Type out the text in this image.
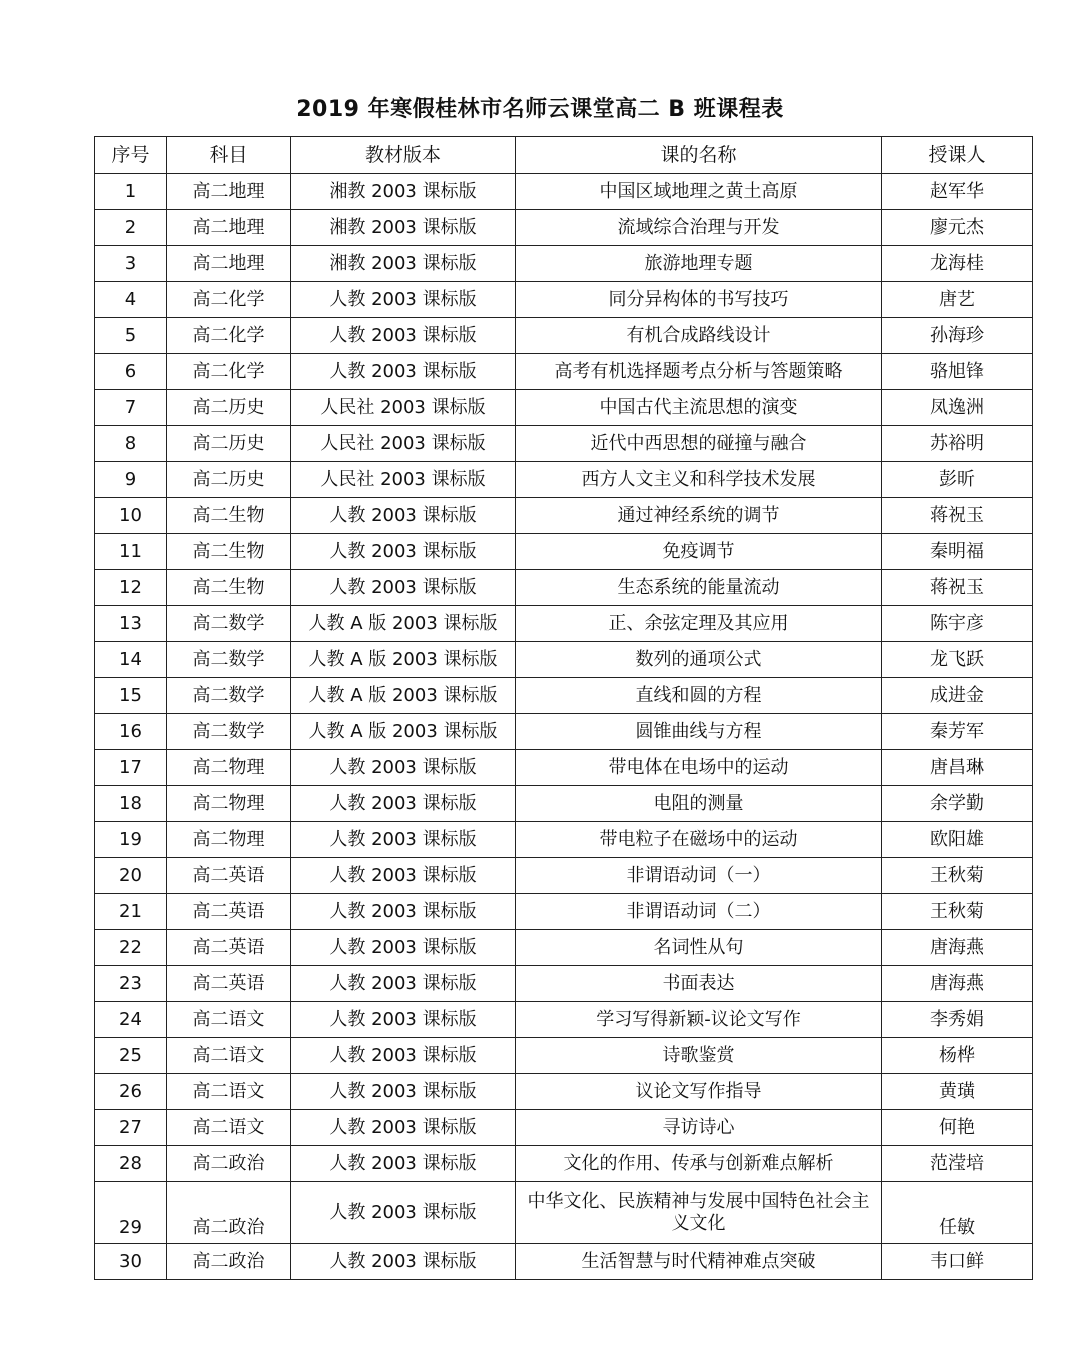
2019 年寒假桂林市名师云课堂高二 B 班课程表
序号	科目	教材版本	课的名称	授课人
1	高二地理	湘教 2003 课标版	中国区域地理之黄土高原	赵军华
2	高二地理	湘教 2003 课标版	流域综合治理与开发	廖元杰
3	高二地理	湘教 2003 课标版	旅游地理专题	龙海桂
4	高二化学	人教 2003 课标版	同分异构体的书写技巧	唐艺
5	高二化学	人教 2003 课标版	有机合成路线设计	孙海珍
6	高二化学	人教 2003 课标版	高考有机选择题考点分析与答题策略	骆旭锋
7	高二历史	人民社 2003 课标版	中国古代主流思想的演变	凤逸洲
8	高二历史	人民社 2003 课标版	近代中西思想的碰撞与融合	苏裕明
9	高二历史	人民社 2003 课标版	西方人文主义和科学技术发展	彭昕
10	高二生物	人教 2003 课标版	通过神经系统的调节	蒋祝玉
11	高二生物	人教 2003 课标版	免疫调节	秦明福
12	高二生物	人教 2003 课标版	生态系统的能量流动	蒋祝玉
13	高二数学	人教 A 版 2003 课标版	正、余弦定理及其应用	陈宇彦
14	高二数学	人教 A 版 2003 课标版	数列的通项公式	龙飞跃
15	高二数学	人教 A 版 2003 课标版	直线和圆的方程	成进金
16	高二数学	人教 A 版 2003 课标版	圆锥曲线与方程	秦芳军
17	高二物理	人教 2003 课标版	带电体在电场中的运动	唐昌琳
18	高二物理	人教 2003 课标版	电阻的测量	余学勤
19	高二物理	人教 2003 课标版	带电粒子在磁场中的运动	欧阳雄
20	高二英语	人教 2003 课标版	非谓语动词（一）	王秋菊
21	高二英语	人教 2003 课标版	非谓语动词（二）	王秋菊
22	高二英语	人教 2003 课标版	名词性从句	唐海燕
23	高二英语	人教 2003 课标版	书面表达	唐海燕
24	高二语文	人教 2003 课标版	学习写得新颖-议论文写作	李秀娟
25	高二语文	人教 2003 课标版	诗歌鉴赏	杨桦
26	高二语文	人教 2003 课标版	议论文写作指导	黄璜
27	高二语文	人教 2003 课标版	寻访诗心	何艳
28	高二政治	人教 2003 课标版	文化的作用、传承与创新难点解析	范滢培
29	高二政治	人教 2003 课标版	中华文化、民族精神与发展中国特色社会主义文化	任敏
30	高二政治	人教 2003 课标版	生活智慧与时代精神难点突破	韦口鲜
